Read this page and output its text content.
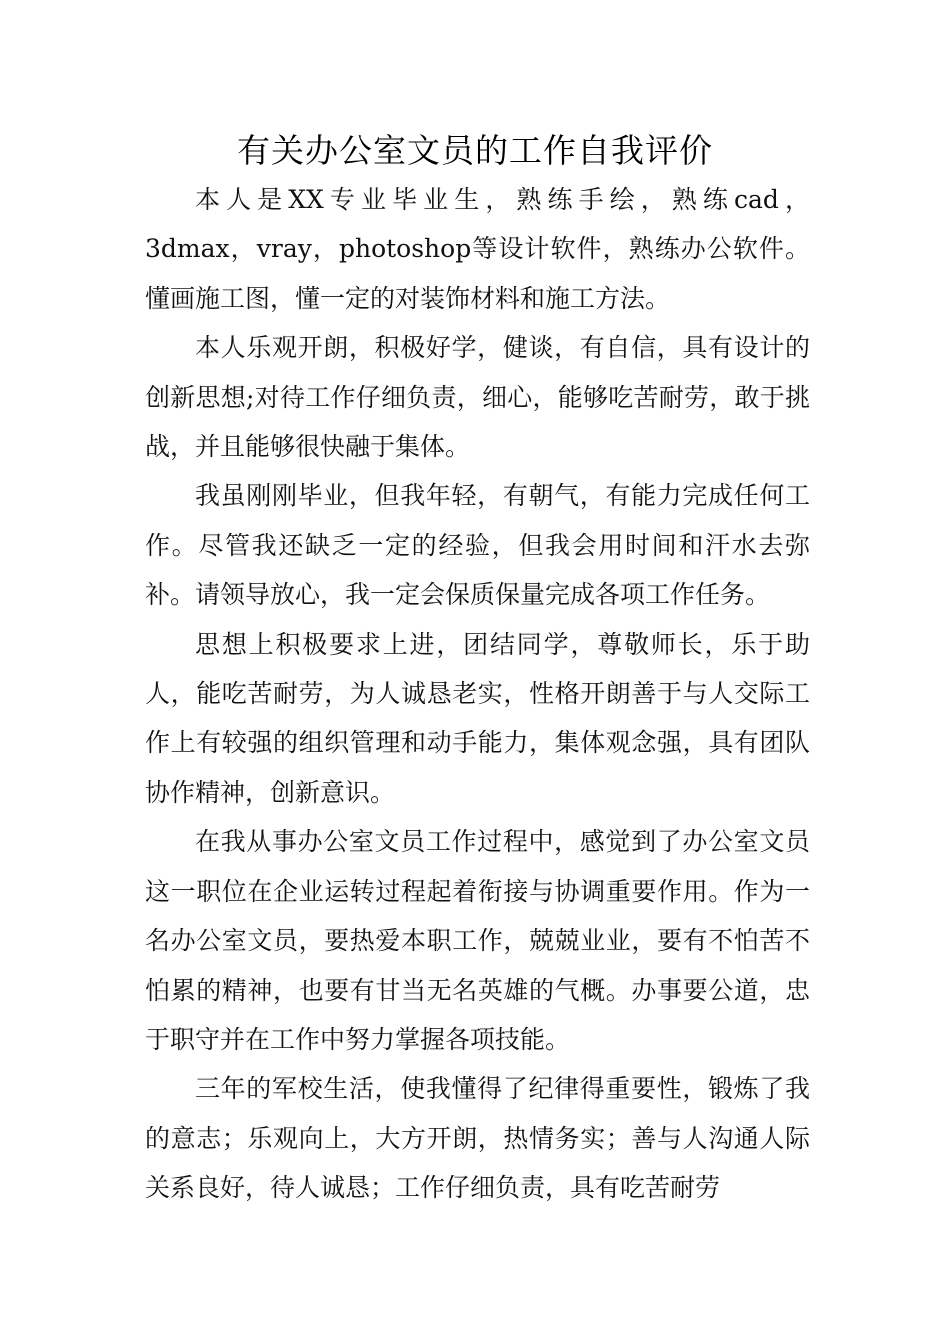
有关办公室文员的工作自我评价

本人是XX专业毕业生，熟练手绘，熟练cad，3dmax，vray，photoshop等设计软件，熟练办公软件。懂画施工图，懂一定的对装饰材料和施工方法。

本人乐观开朗，积极好学，健谈，有自信，具有设计的创新思想;对待工作仔细负责，细心，能够吃苦耐劳，敢于挑战，并且能够很快融于集体。

我虽刚刚毕业，但我年轻，有朝气，有能力完成任何工作。尽管我还缺乏一定的经验，但我会用时间和汗水去弥补。请领导放心，我一定会保质保量完成各项工作任务。

思想上积极要求上进，团结同学，尊敬师长，乐于助人，能吃苦耐劳，为人诚恳老实，性格开朗善于与人交际工作上有较强的组织管理和动手能力，集体观念强，具有团队协作精神，创新意识。

在我从事办公室文员工作过程中，感觉到了办公室文员这一职位在企业运转过程起着衔接与协调重要作用。作为一名办公室文员，要热爱本职工作，兢兢业业，要有不怕苦不怕累的精神，也要有甘当无名英雄的气概。办事要公道，忠于职守并在工作中努力掌握各项技能。

三年的军校生活，使我懂得了纪律得重要性，锻炼了我的意志；乐观向上，大方开朗，热情务实；善与人沟通人际关系良好，待人诚恳；工作仔细负责，具有吃苦耐劳
